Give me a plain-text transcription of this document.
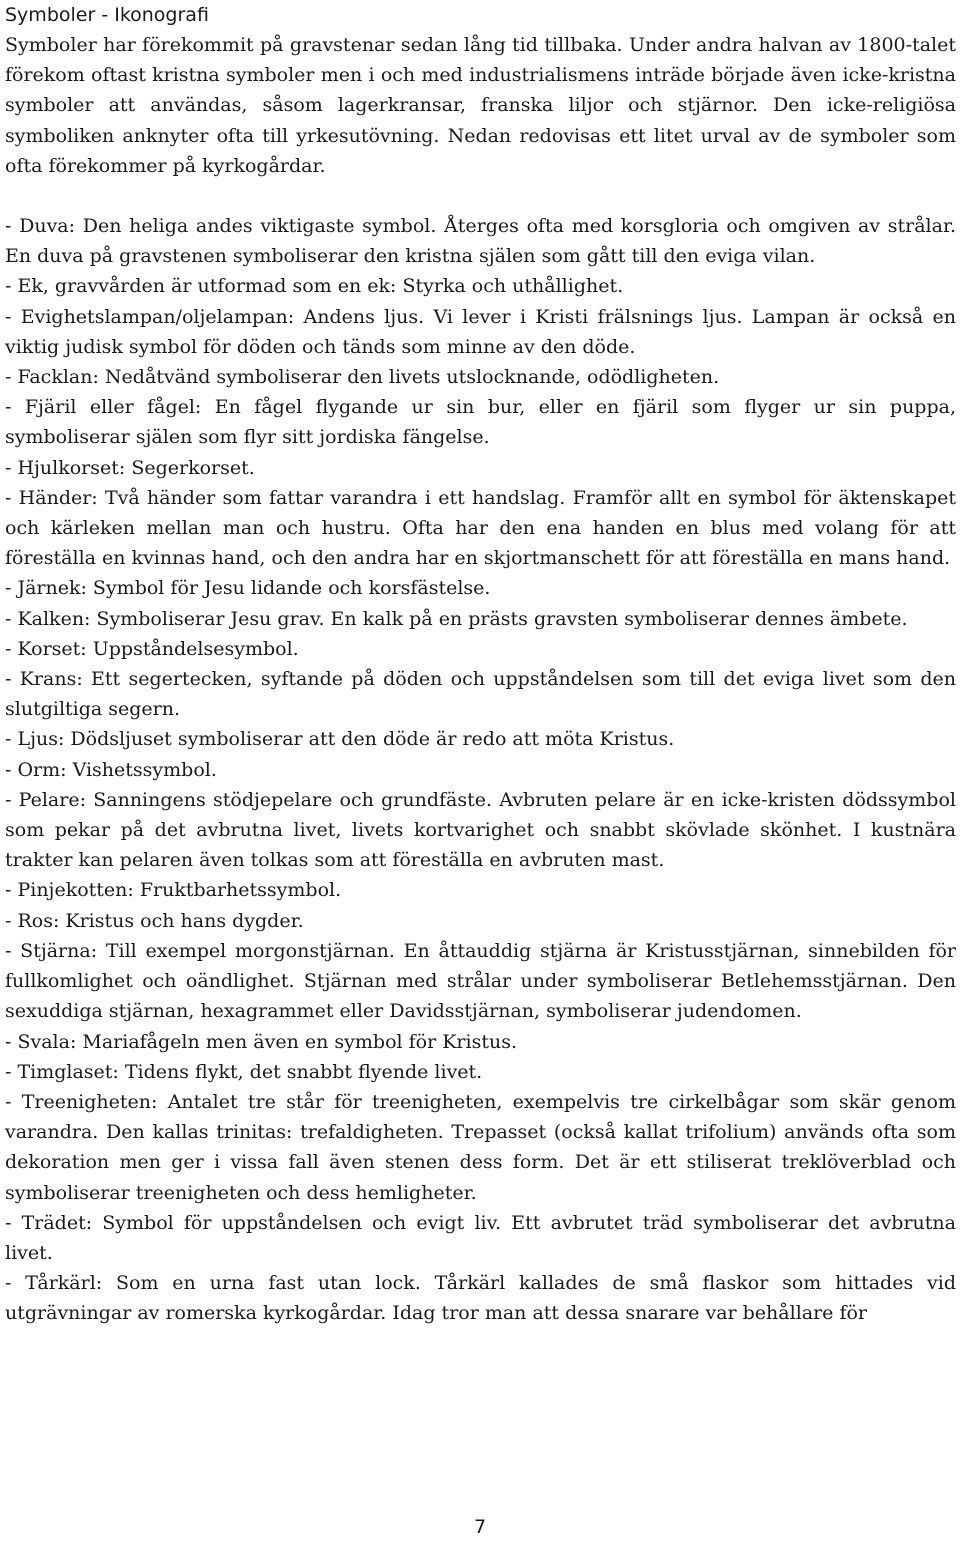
Symboler - Ikonografi

Symboler har förekommit på gravstenar sedan lång tid tillbaka. Under andra halvan av 1800-talet förekom oftast kristna symboler men i och med industrialismens inträde började även icke-kristna symboler att användas, såsom lagerkransar, franska liljor och stjärnor. Den icke-religiösa symboliken anknyter ofta till yrkesutövning. Nedan redovisas ett litet urval av de symboler som ofta förekommer på kyrkogårdar.

- Duva: Den heliga andes viktigaste symbol. Återges ofta med korsgloria och omgiven av strålar. En duva på gravstenen symboliserar den kristna själen som gått till den eviga vilan.

- Ek, gravvården är utformad som en ek: Styrka och uthållighet.

- Evighetslampan/oljelampan: Andens ljus. Vi lever i Kristi frälsnings ljus. Lampan är också en viktig judisk symbol för döden och tänds som minne av den döde.

- Facklan: Nedåtvänd symboliserar den livets utslocknande, odödligheten.

- Fjäril eller fågel: En fågel flygande ur sin bur, eller en fjäril som flyger ur sin puppa, symboliserar själen som flyr sitt jordiska fängelse.

- Hjulkorset: Segerkorset.

- Händer: Två händer som fattar varandra i ett handslag. Framför allt en symbol för äktenskapet och kärleken mellan man och hustru. Ofta har den ena handen en blus med volang för att föreställa en kvinnas hand, och den andra har en skjortmanschett för att föreställa en mans hand.

- Järnek: Symbol för Jesu lidande och korsfästelse.

- Kalken: Symboliserar Jesu grav. En kalk på en prästs gravsten symboliserar dennes ämbete.

- Korset: Uppståndelsesymbol.

- Krans: Ett segertecken, syftande på döden och uppståndelsen som till det eviga livet som den slutgiltiga segern.

- Ljus: Dödsljuset symboliserar att den döde är redo att möta Kristus.

- Orm: Vishetssymbol.

- Pelare: Sanningens stödjepelare och grundfäste. Avbruten pelare är en icke-kristen dödssymbol som pekar på det avbrutna livet, livets kortvarighet och snabbt skövlade skönhet. I kustnära trakter kan pelaren även tolkas som att föreställa en avbruten mast.

- Pinjekotten: Fruktbarhetssymbol.

- Ros: Kristus och hans dygder.

- Stjärna: Till exempel morgonstjärnan. En åttauddig stjärna är Kristusstjärnan, sinnebilden för fullkomlighet och oändlighet. Stjärnan med strålar under symboliserar Betlehemsstjärnan. Den sexuddiga stjärnan, hexagrammet eller Davidsstjärnan, symboliserar judendomen.

- Svala: Mariafågeln men även en symbol för Kristus.

- Timglaset: Tidens flykt, det snabbt flyende livet.

- Treenigheten: Antalet tre står för treenigheten, exempelvis tre cirkelbågar som skär genom varandra. Den kallas trinitas: trefaldigheten. Trepasset (också kallat trifolium) används ofta som dekoration men ger i vissa fall även stenen dess form. Det är ett stiliserat treklöverblad och symboliserar treenigheten och dess hemligheter.

- Trädet: Symbol för uppståndelsen och evigt liv. Ett avbrutet träd symboliserar det avbrutna livet.

- Tårkärl: Som en urna fast utan lock. Tårkärl kallades de små flaskor som hittades vid utgrävningar av romerska kyrkogårdar. Idag tror man att dessa snarare var behållare för

7
